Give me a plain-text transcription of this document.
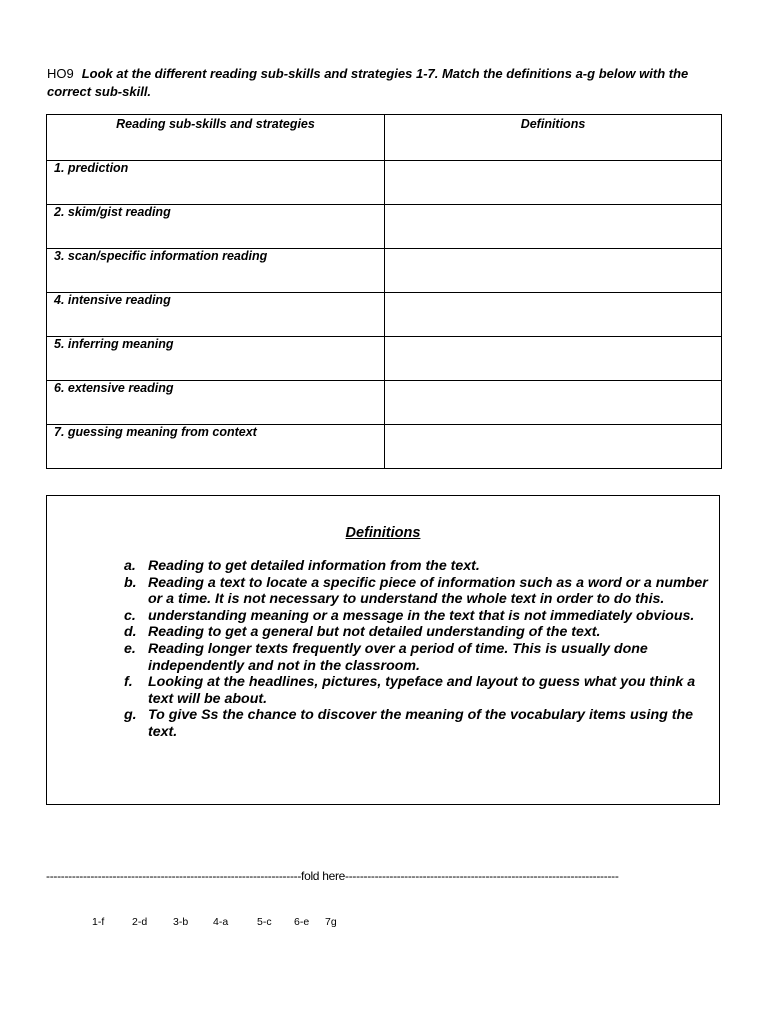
HO9 Look at the different reading sub-skills and strategies 1-7. Match the definitions a-g below with the correct sub-skill.
Reading sub-skills and strategies	Definitions
1. prediction	
2. skim/gist reading	
3. scan/specific information reading	
4. intensive reading	
5. inferring meaning	
6. extensive reading	
7. guessing meaning from context	
Definitions
a. Reading to get detailed information from the text.
b. Reading a text to locate a specific piece of information such as a word or a number or a time. It is not necessary to understand the whole text in order to do this.
c. understanding meaning or a message in the text that is not immediately obvious.
d. Reading to get a general but not detailed understanding of the text.
e. Reading longer texts frequently over a period of time. This is usually done independently and not in the classroom.
f. Looking at the headlines, pictures, typeface and layout to guess what you think a text will be about.
g. To give Ss the chance to discover the meaning of the vocabulary items using the text.
---------------------------------------------------------------------fold here--------------------------------------------------------------------------
1-f	2-d 3-b 4-a	5-c 6-e 7g
